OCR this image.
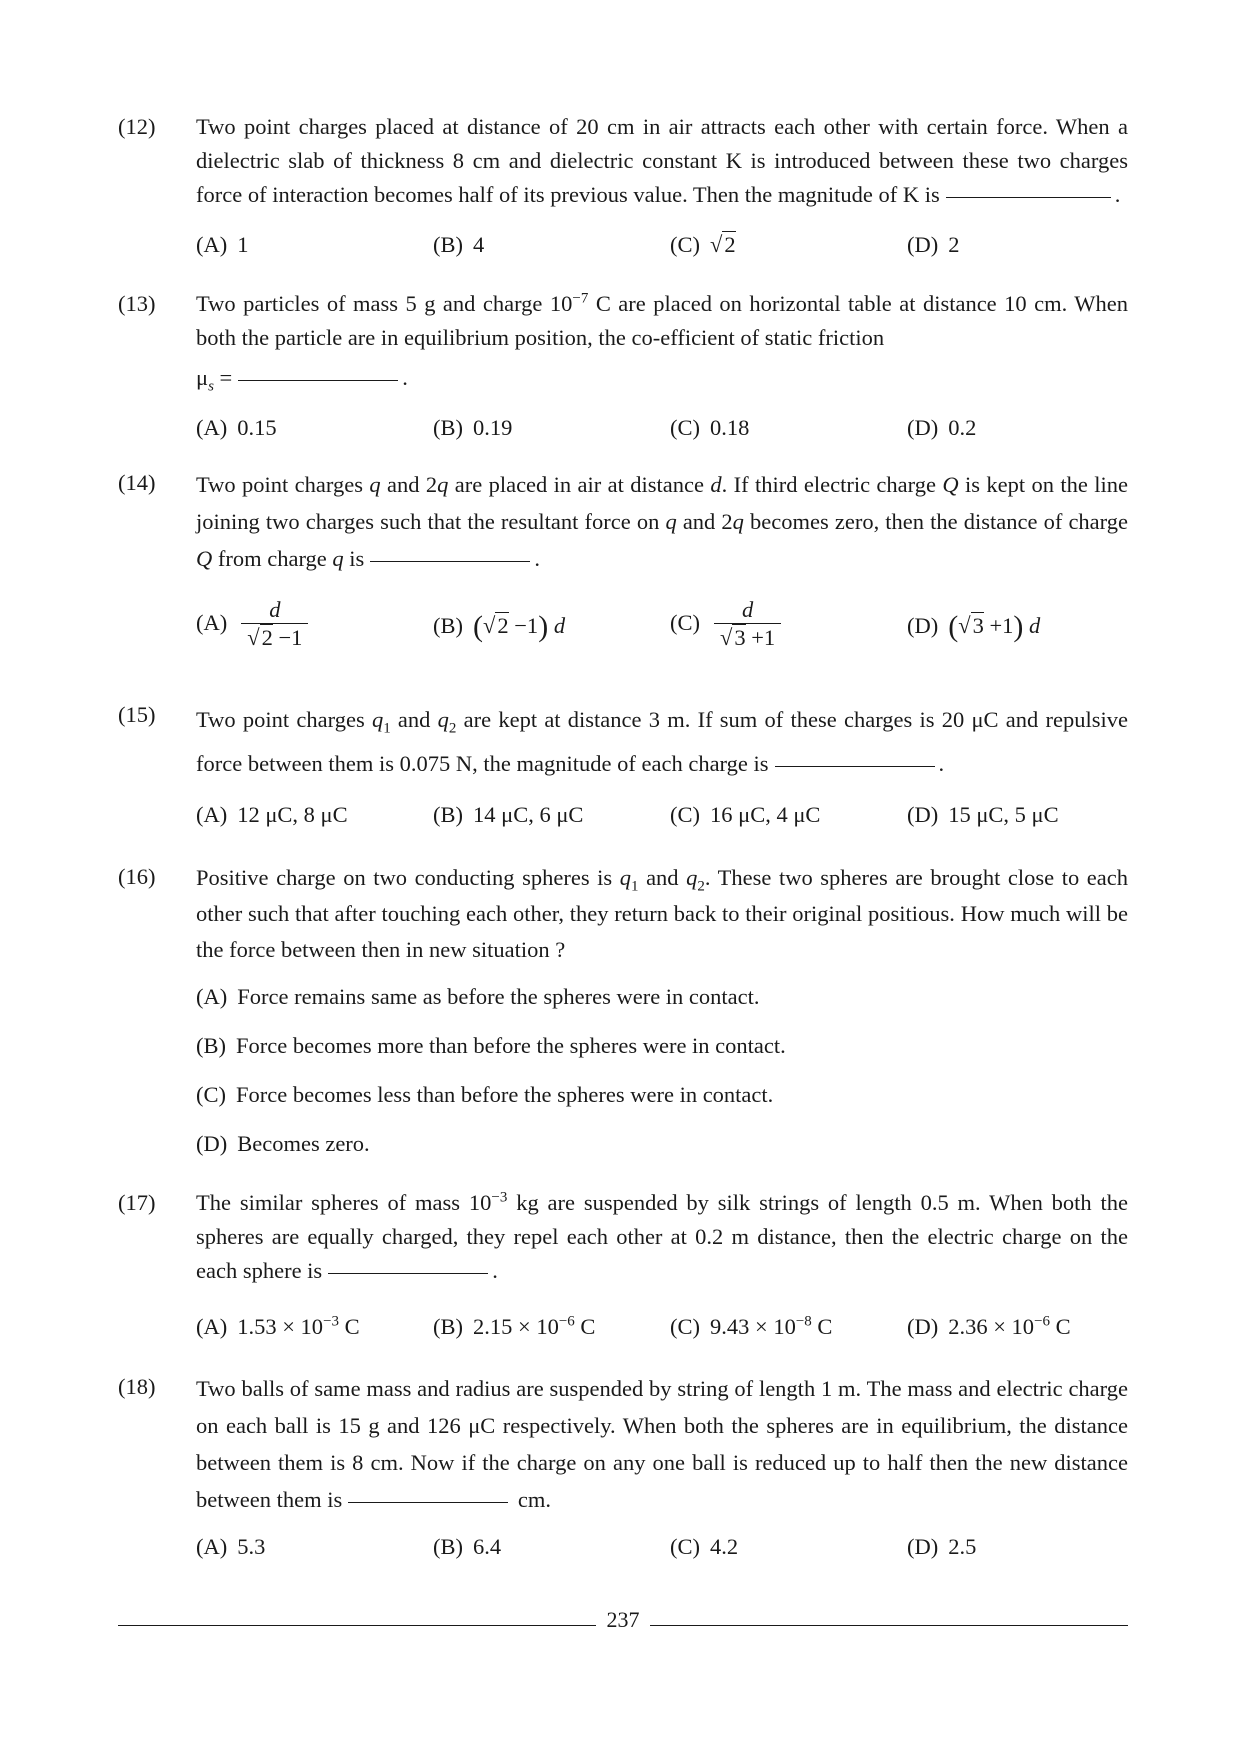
(12)	Two point charges placed at distance of 20 cm in air attracts each other with certain force. When a dielectric slab of thickness 8 cm and dielectric constant K is introduced between these two charges force of interaction becomes half of its previous value. Then the magnitude of K is	.
(A) 1	(B) 4	(C) √2	(D) 2
(13)	Two particles of mass 5 g and charge $10^{-7}$ C are placed on horizontal table at distance 10 cm. When both the particle are in equilibrium position, the co-efficient of static friction
$\mu_s$ =	.
(A) 0.15	(B) 0.19	(C) 0.18	(D) 0.2
(14)	Two point charges q and 2q are placed in air at distance d. If third electric charge Q is kept on the line joining two charges such that the resultant force on q and 2q becomes zero, then the distance of charge Q from charge q is	.
$(A) \frac{d}{√2 -1}$	(B) (√2 −1) d	$(C) \frac{d}{√3 +1}$	(D) (√3 +1) d
(15)	Two point charges $q_1$ and $q_2$ are kept at distance 3 m. If sum of these charges is 20 μC and repulsive force between them is 0.075 N, the magnitude of each charge is	.
(A) 12 μC, 8 μC	(B) 14 μC, 6 μC	(C) 16 μC, 4 μC	(D) 15 μC, 5 μC
(16)	Positive charge on two conducting spheres is $q_1$ and $q_2$. These two spheres are brought close to each other such that after touching each other, they return back to their original positious. How much will be the force between then in new situation ?
(A) Force remains same as before the spheres were in contact.
(B) Force becomes more than before the spheres were in contact.
(C) Force becomes less than before the spheres were in contact.
(D) Becomes zero.
(17)	The similar spheres of mass $10^{-3}$ kg are suspended by silk strings of length 0.5 m. When both the spheres are equally charged, they repel each other at 0.2 m distance, then the electric charge on the each sphere is	.
(A) $1.53 \times 10^{-3}$ C	(B) $2.15 \times 10^{-6}$ C	(C) $9.43 \times 10^{-8}$ C	(D) $2.36 \times 10^{-6}$ C
(18)	Two balls of same mass and radius are suspended by string of length 1 m. The mass and electric charge on each ball is 15 g and 126 μC respectively. When both the spheres are in equilibrium, the distance between them is 8 cm. Now if the charge on any one ball is reduced up to half then the new distance between them is	cm.
(A) 5.3	(B) 6.4	(C) 4.2	(D) 2.5
237
